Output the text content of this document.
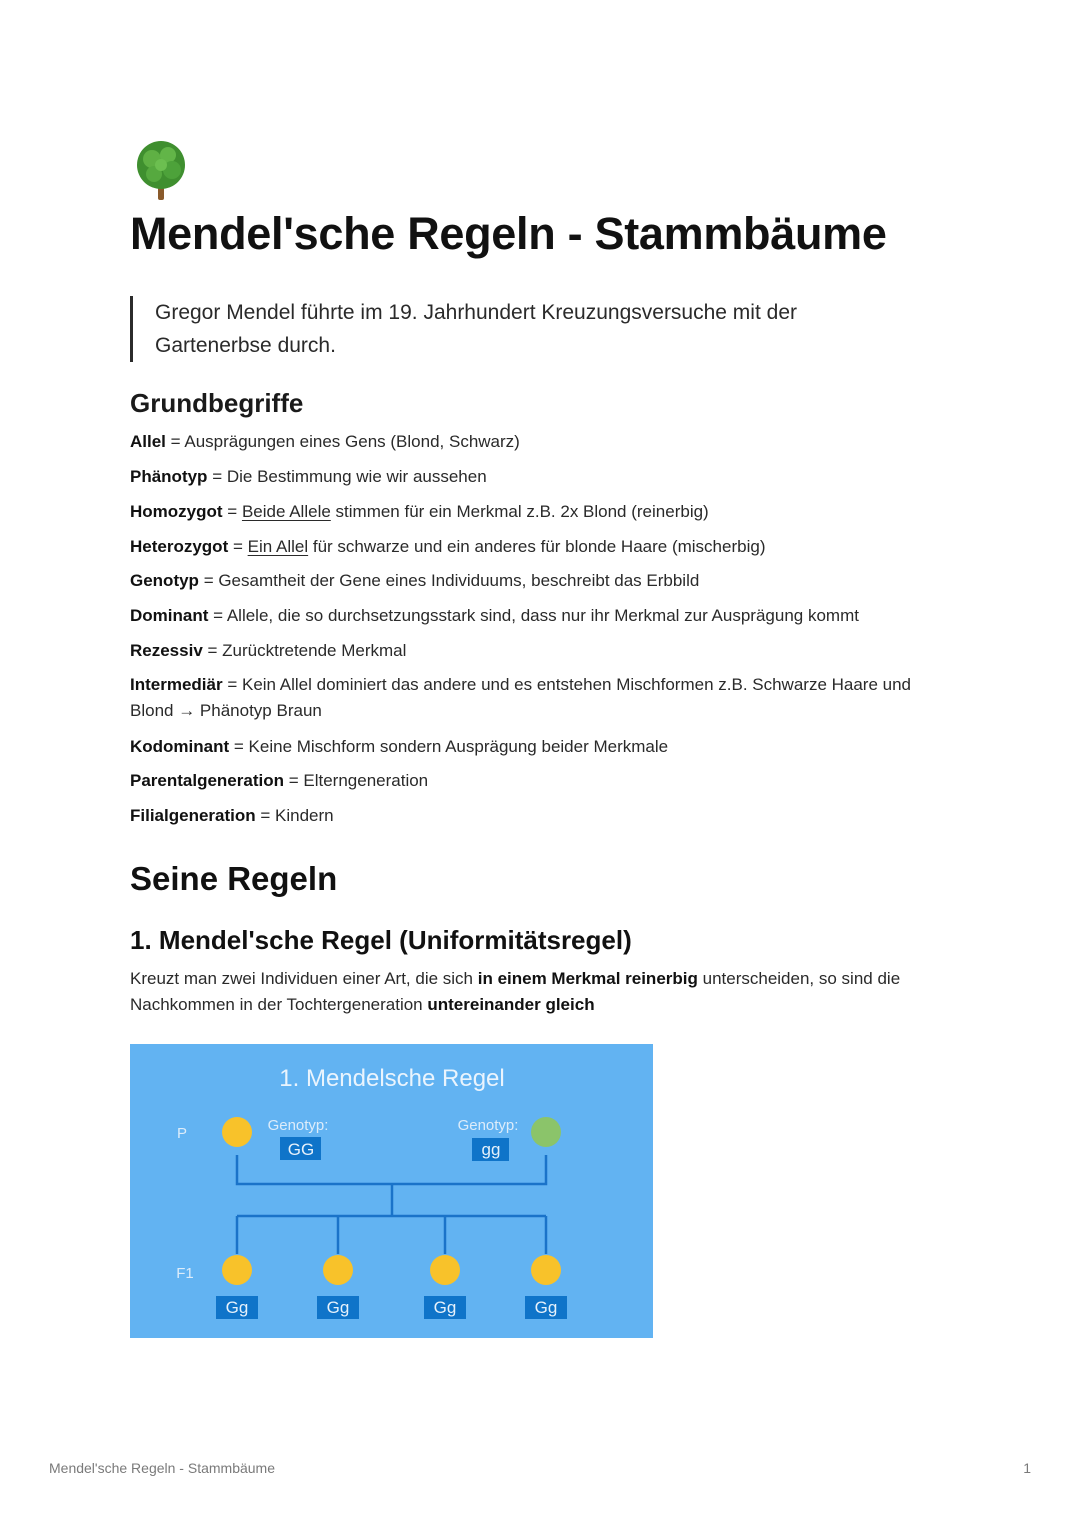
Mendel'sche Regeln - Stammbäume
Gregor Mendel führte im 19. Jahrhundert Kreuzungsversuche mit der Gartenerbse durch.
Grundbegriffe
Allel = Ausprägungen eines Gens (Blond, Schwarz)
Phänotyp = Die Bestimmung wie wir aussehen
Homozygot = Beide Allele stimmen für ein Merkmal z.B. 2x Blond (reinerbig)
Heterozygot = Ein Allel für schwarze und ein anderes für blonde Haare (mischerbig)
Genotyp = Gesamtheit der Gene eines Individuums, beschreibt das Erbbild
Dominant = Allele, die so durchsetzungsstark sind, dass nur ihr Merkmal zur Ausprägung kommt
Rezessiv = Zurücktretende Merkmal
Intermediär = Kein Allel dominiert das andere und es entstehen Mischformen z.B. Schwarze Haare und Blond → Phänotyp Braun
Kodominant = Keine Mischform sondern Ausprägung beider Merkmale
Parentalgeneration = Elterngeneration
Filialgeneration = Kindern
Seine Regeln
1. Mendel'sche Regel (Uniformitätsregel)
Kreuzt man zwei Individuen einer Art, die sich in einem Merkmal reinerbig unterscheiden, so sind die Nachkommen in der Tochtergeneration untereinander gleich
1. Mendelsche Regel
P
F1
Genotyp:
GG
Genotyp:
gg
Gg	Gg	Gg	Gg
Mendel'sche Regeln - Stammbäume	1
